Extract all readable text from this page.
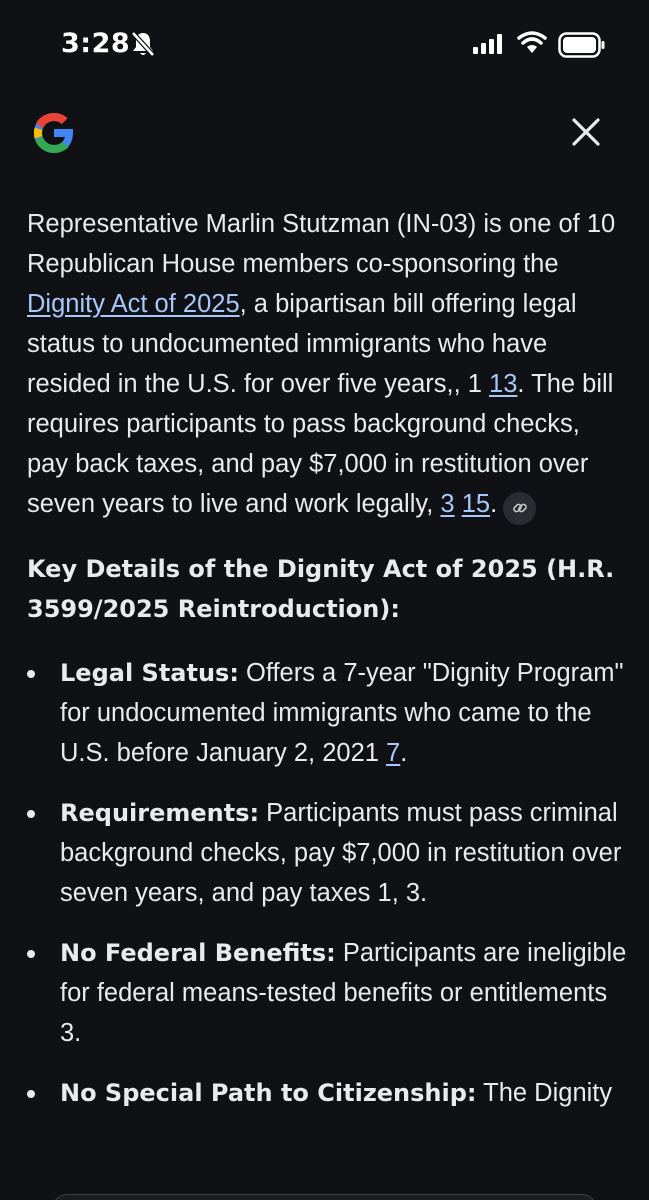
3:28

Representative Marlin Stutzman (IN-03) is one of 10 Republican House members co-sponsoring the Dignity Act of 2025, a bipartisan bill offering legal status to undocumented immigrants who have resided in the U.S. for over five years,, 1 13. The bill requires participants to pass background checks, pay back taxes, and pay $7,000 in restitution over seven years to live and work legally, 3 15.

Key Details of the Dignity Act of 2025 (H.R. 3599/2025 Reintroduction):
Legal Status: Offers a 7-year "Dignity Program" for undocumented immigrants who came to the U.S. before January 2, 2021 7.
Requirements: Participants must pass criminal background checks, pay $7,000 in restitution over seven years, and pay taxes 1, 3.
No Federal Benefits: Participants are ineligible for federal means-tested benefits or entitlements 3.
No Special Path to Citizenship: The Dignity
